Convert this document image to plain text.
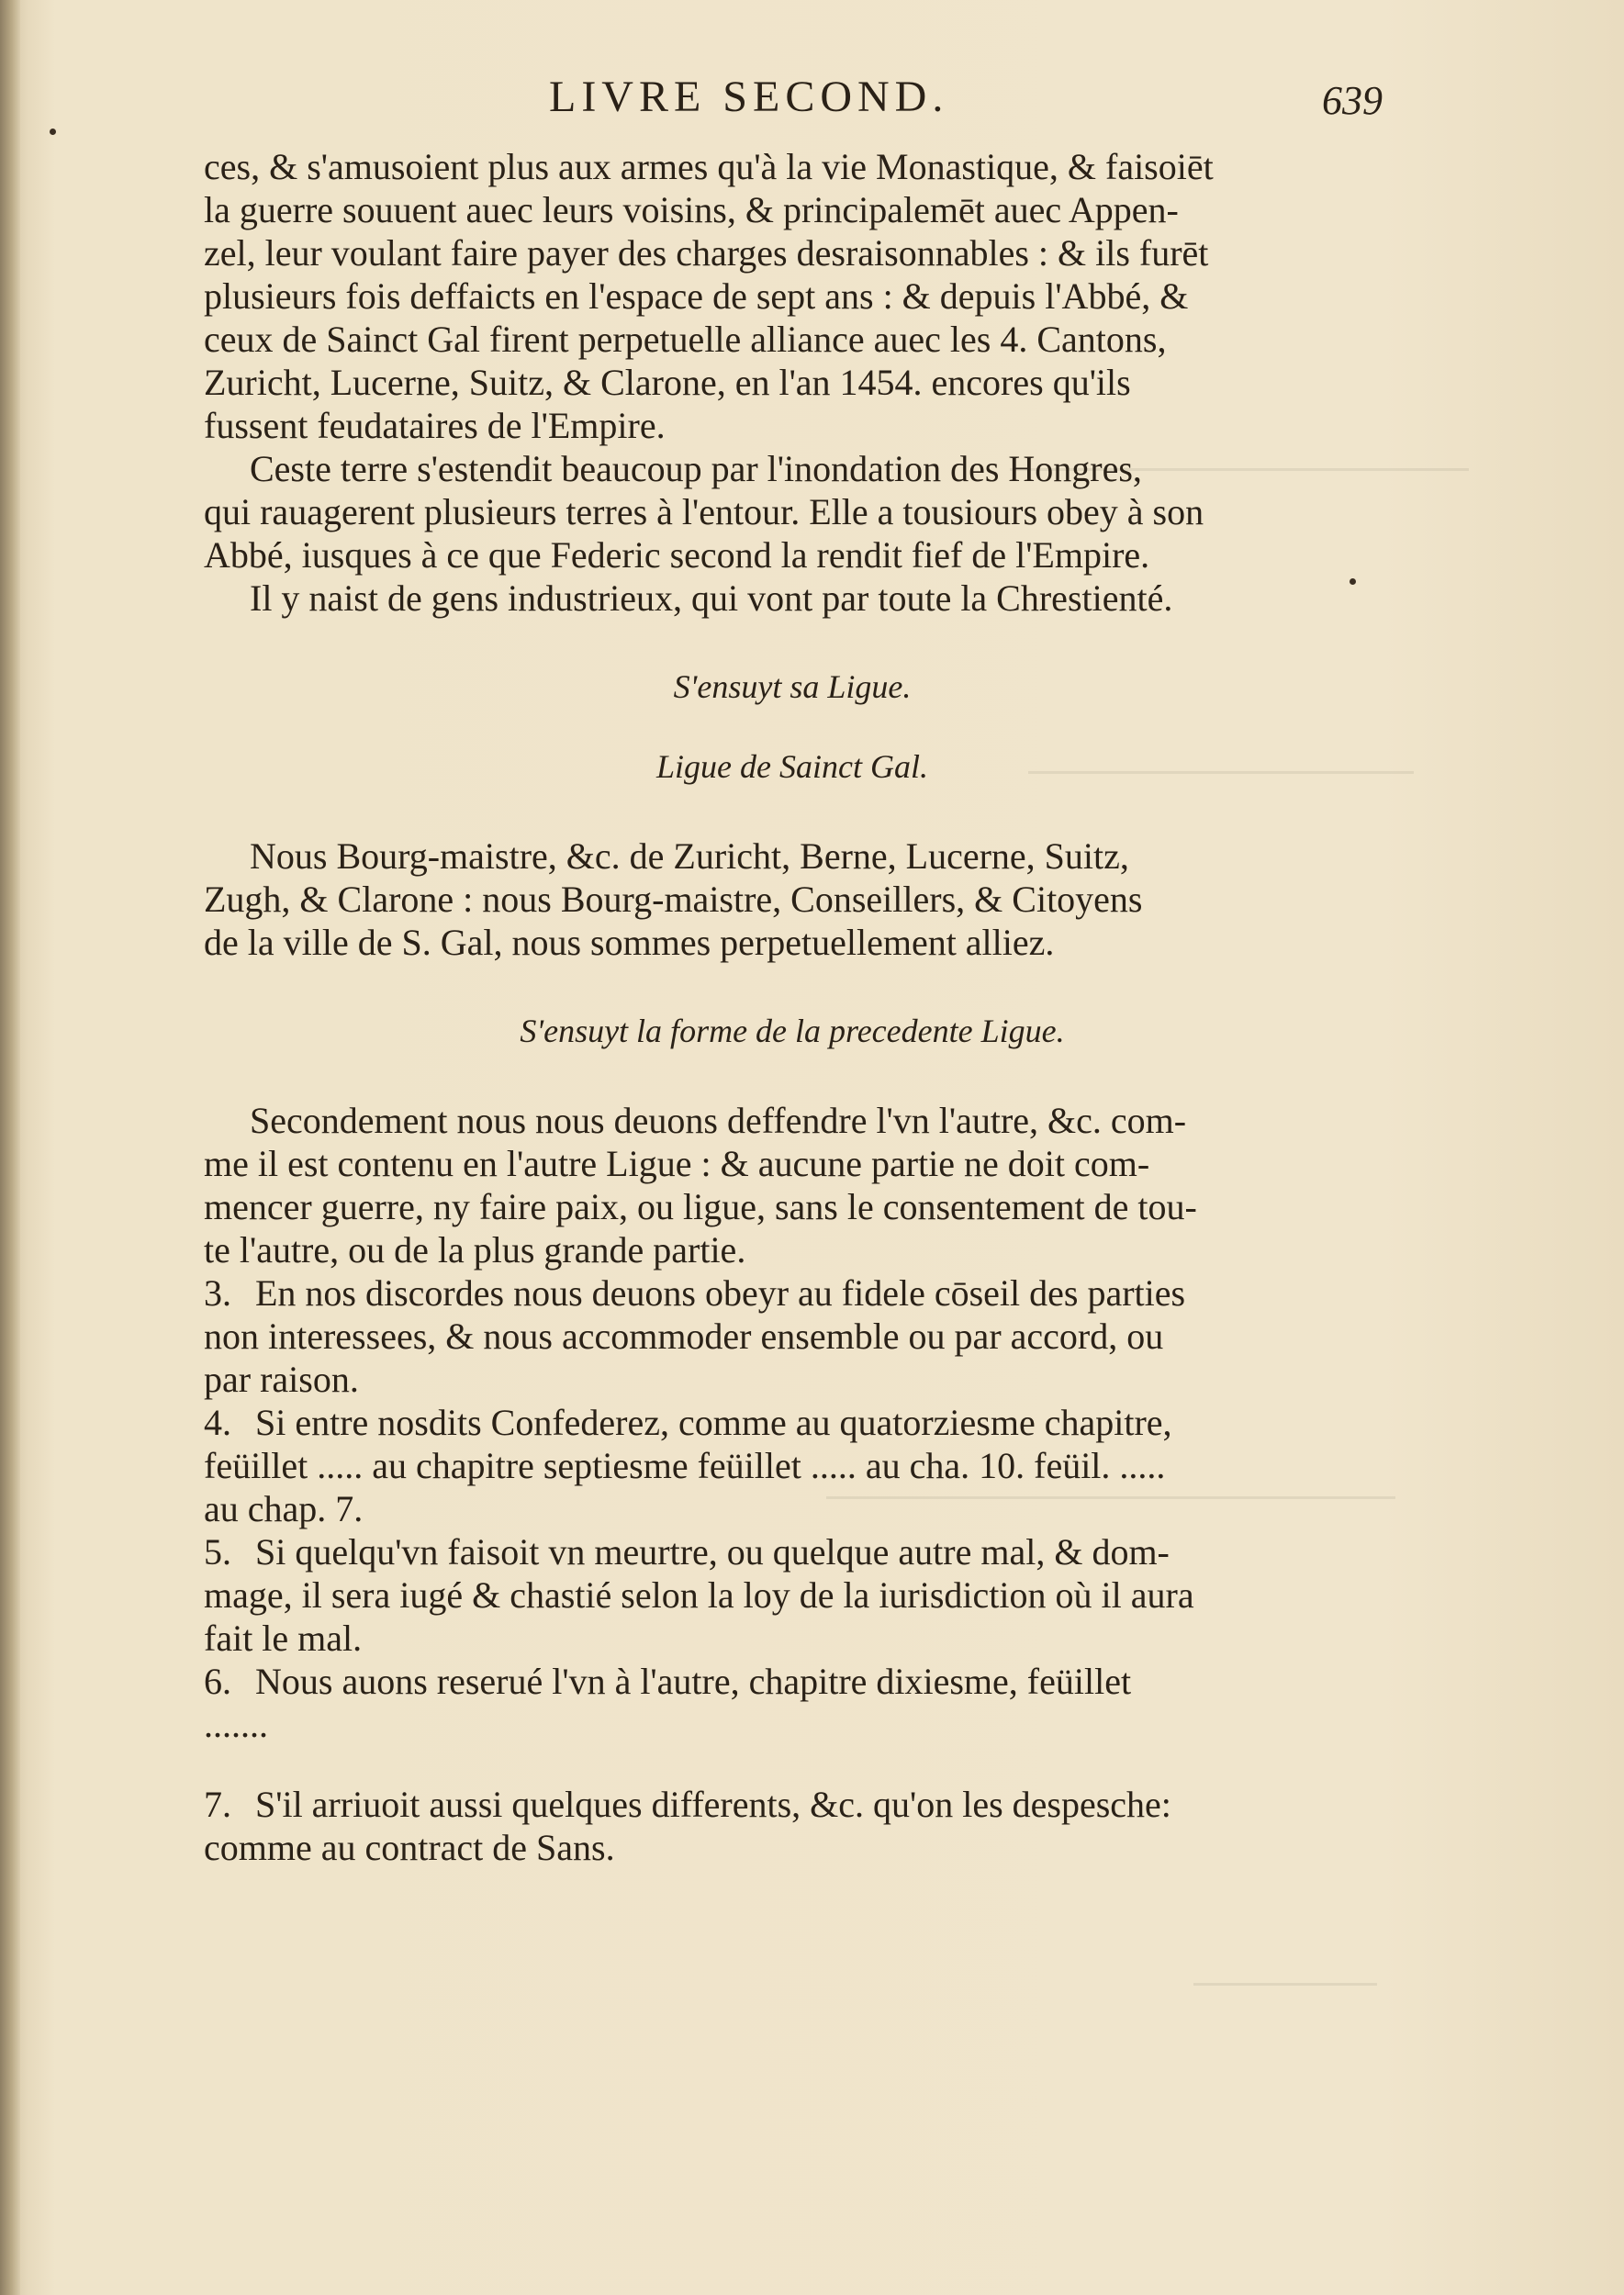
LIVRE SECOND.	639
ces, & s'amusoient plus aux armes qu'à la vie Monastique, & faisoiēt
la guerre souuent auec leurs voisins, & principalemēt auec Appen-
zel, leur voulant faire payer des charges desraisonnables : & ils furēt
plusieurs fois deffaicts en l'espace de sept ans : & depuis l'Abbé, &
ceux de Sainct Gal firent perpetuelle alliance auec les 4. Cantons,
Zuricht, Lucerne, Suitz, & Clarone, en l'an 1454. encores qu'ils
fussent feudataires de l'Empire.
Ceste terre s'estendit beaucoup par l'inondation des Hongres,
qui rauagerent plusieurs terres à l'entour. Elle a tousiours obey à son
Abbé, iusques à ce que Federic second la rendit fief de l'Empire.
Il y naist de gens industrieux, qui vont par toute la Chrestienté.
S'ensuyt sa Ligue.
Ligue de Sainct Gal.
Nous Bourg-maistre, &c. de Zuricht, Berne, Lucerne, Suitz,
Zugh, & Clarone : nous Bourg-maistre, Conseillers, & Citoyens
de la ville de S. Gal, nous sommes perpetuellement alliez.
S'ensuyt la forme de la precedente Ligue.
Secondement nous nous deuons deffendre l'vn l'autre, &c. com-
me il est contenu en l'autre Ligue : & aucune partie ne doit com-
mencer guerre, ny faire paix, ou ligue, sans le consentement de tou-
te l'autre, ou de la plus grande partie.
3. En nos discordes nous deuons obeyr au fidele cōseil des parties
non interessees, & nous accommoder ensemble ou par accord, ou
par raison.
4. Si entre nosdits Confederez, comme au quatorziesme chapitre,
feüillet ..... au chapitre septiesme feüillet ..... au cha. 10. feüil. .....
au chap. 7.
5. Si quelqu'vn faisoit vn meurtre, ou quelque autre mal, & dom-
mage, il sera iugé & chastié selon la loy de la iurisdiction où il aura
fait le mal.
6. Nous auons reserué l'vn à l'autre, chapitre dixiesme, feüillet
.......
7. S'il arriuoit aussi quelques differents, &c. qu'on les despesche:
comme au contract de Sans.
